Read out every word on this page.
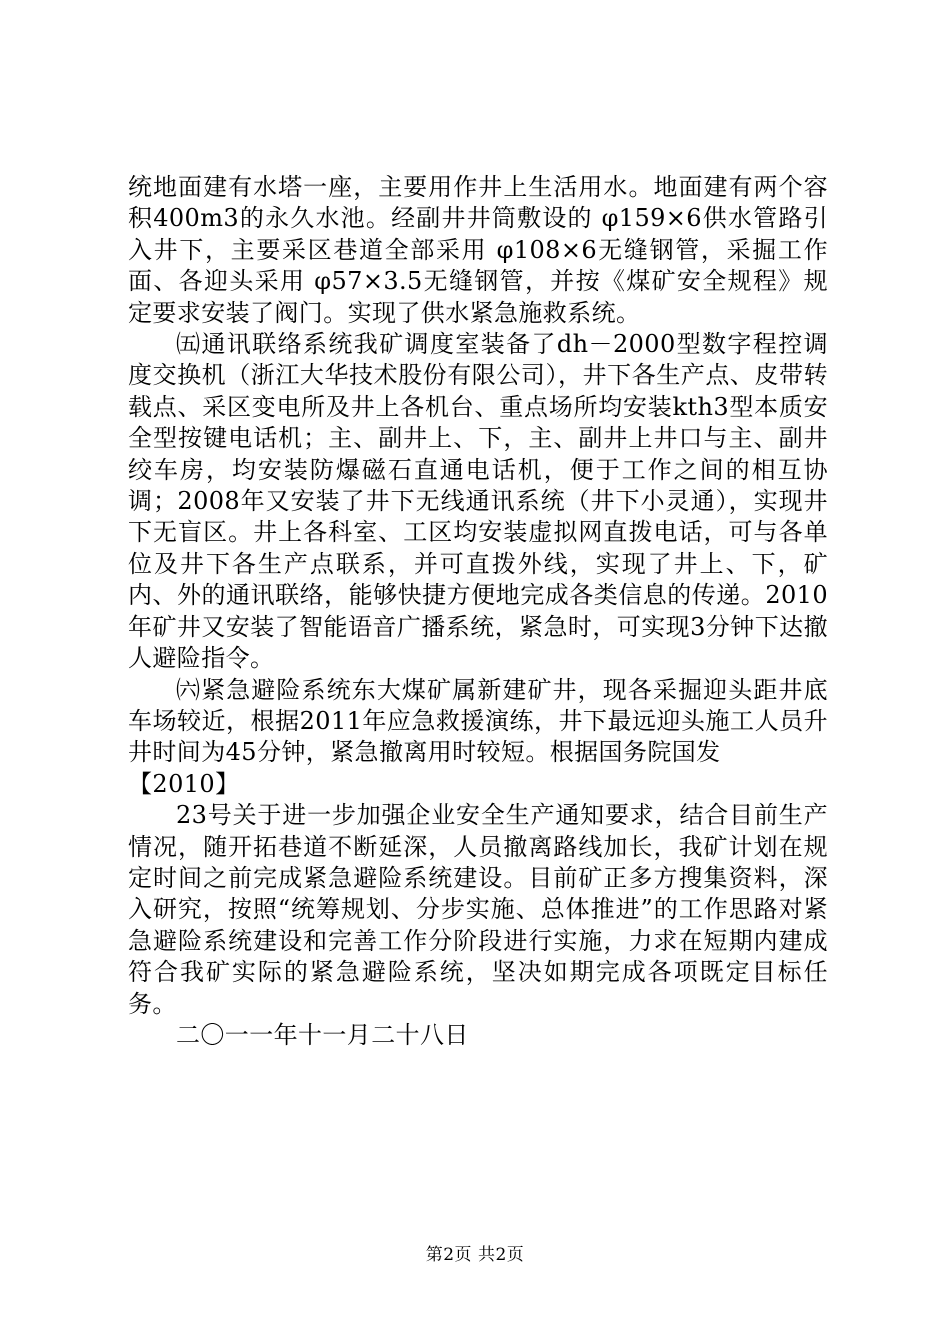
统地面建有水塔一座，主要用作井上生活用水。地面建有两个容积400m3的永久水池。经副井井筒敷设的 φ159×6供水管路引入井下，主要采区巷道全部采用 φ108×6无缝钢管，采掘工作面、各迎头采用 φ57×3.5无缝钢管，并按《煤矿安全规程》规定要求安装了阀门。实现了供水紧急施救系统。

㈤通讯联络系统我矿调度室装备了dh－2000型数字程控调度交换机（浙江大华技术股份有限公司），井下各生产点、皮带转载点、采区变电所及井上各机台、重点场所均安装kth3型本质安全型按键电话机；主、副井上、下，主、副井上井口与主、副井绞车房，均安装防爆磁石直通电话机，便于工作之间的相互协调；2008年又安装了井下无线通讯系统（井下小灵通），实现井下无盲区。井上各科室、工区均安装虚拟网直拨电话，可与各单位及井下各生产点联系，并可直拨外线，实现了井上、下，矿内、外的通讯联络，能够快捷方便地完成各类信息的传递。2010年矿井又安装了智能语音广播系统，紧急时，可实现3分钟下达撤人避险指令。

㈥紧急避险系统东大煤矿属新建矿井，现各采掘迎头距井底车场较近，根据2011年应急救援演练，井下最远迎头施工人员升井时间为45分钟，紧急撤离用时较短。根据国务院国发

【2010】

23号关于进一步加强企业安全生产通知要求，结合目前生产情况，随开拓巷道不断延深，人员撤离路线加长，我矿计划在规定时间之前完成紧急避险系统建设。目前矿正多方搜集资料，深入研究，按照“统筹规划、分步实施、总体推进”的工作思路对紧急避险系统建设和完善工作分阶段进行实施，力求在短期内建成符合我矿实际的紧急避险系统，坚决如期完成各项既定目标任务。

二〇一一年十一月二十八日

第2页 共2页
